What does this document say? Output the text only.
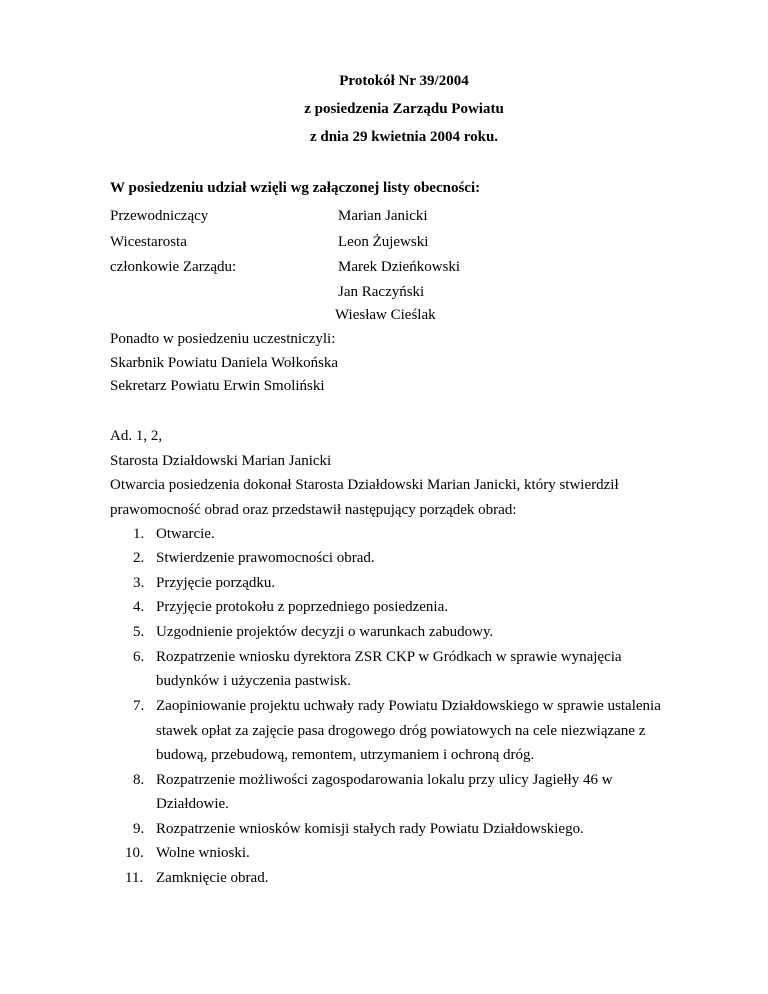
Protokół Nr 39/2004
z posiedzenia Zarządu Powiatu
z dnia 29 kwietnia 2004 roku.
W posiedzeniu udział wzięli wg załączonej listy obecności:
Przewodniczący	Marian Janicki
Wicestarosta	Leon Żujewski
członkowie Zarządu:	Marek Dzieńkowski
Jan Raczyński
Wiesław Cieślak
Ponadto w posiedzeniu uczestniczyli:
Skarbnik Powiatu Daniela Wołkońska
Sekretarz Powiatu Erwin Smoliński
Ad. 1, 2,
Starosta Działdowski Marian Janicki
Otwarcia posiedzenia dokonał Starosta Działdowski Marian Janicki, który stwierdził
prawomocność obrad oraz przedstawił następujący porządek obrad:
1. Otwarcie.
2. Stwierdzenie prawomocności obrad.
3. Przyjęcie porządku.
4. Przyjęcie protokołu z poprzedniego posiedzenia.
5. Uzgodnienie projektów decyzji o warunkach zabudowy.
6. Rozpatrzenie wniosku dyrektora ZSR CKP w Gródkach w sprawie wynajęcia
budynków i użyczenia pastwisk.
7. Zaopiniowanie projektu uchwały rady Powiatu Działdowskiego w sprawie ustalenia
stawek opłat za zajęcie pasa drogowego dróg powiatowych na cele niezwiązane z
budową, przebudową, remontem, utrzymaniem i ochroną dróg.
8. Rozpatrzenie możliwości zagospodarowania lokalu przy ulicy Jagiełły 46 w
Działdowie.
9. Rozpatrzenie wniosków komisji stałych rady Powiatu Działdowskiego.
10. Wolne wnioski.
11. Zamknięcie obrad.
